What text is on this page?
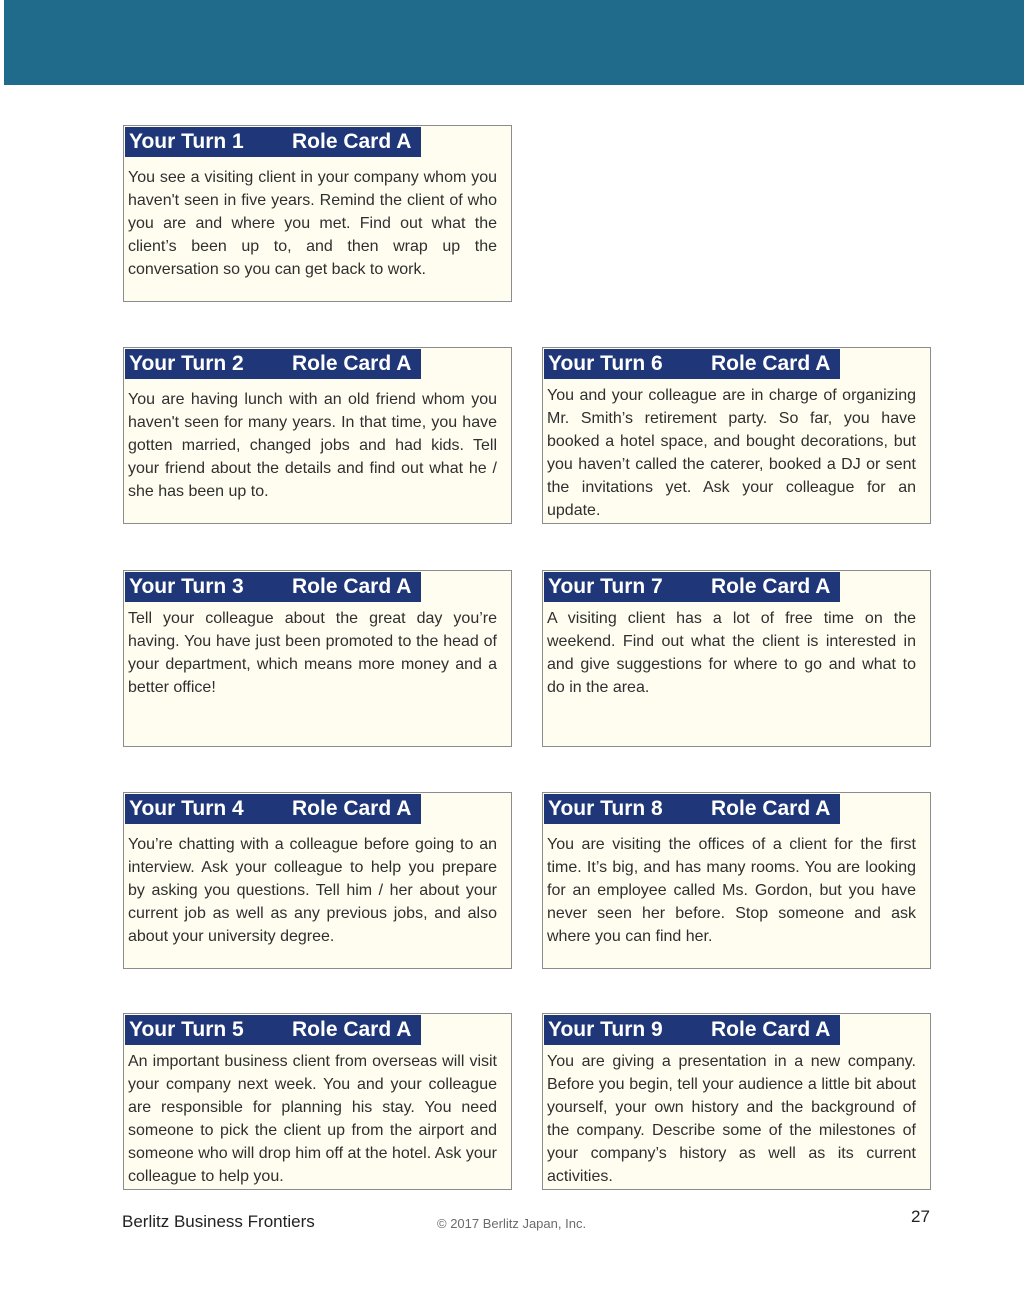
Your Turn 1 Role Card A
You see a visiting client in your company whom you haven't seen in five years. Remind the client of who you are and where you met. Find out what the client’s been up to, and then wrap up the conversation so you can get back to work.
Your Turn 2 Role Card A
You are having lunch with an old friend whom you haven't seen for many years. In that time, you have gotten married, changed jobs and had kids. Tell your friend about the details and find out what he / she has been up to.
Your Turn 3 Role Card A
Tell your colleague about the great day you’re having. You have just been promoted to the head of your department, which means more money and a better office!
Your Turn 4 Role Card A
You’re chatting with a colleague before going to an interview. Ask your colleague to help you prepare by asking you questions. Tell him / her about your current job as well as any previous jobs, and also about your university degree.
Your Turn 5 Role Card A
An important business client from overseas will visit your company next week. You and your colleague are responsible for planning his stay. You need someone to pick the client up from the airport and someone who will drop him off at the hotel. Ask your colleague to help you.
Your Turn 6 Role Card A
You and your colleague are in charge of organizing Mr. Smith’s retirement party. So far, you have booked a hotel space, and bought decorations, but you haven’t called the caterer, booked a DJ or sent the invitations yet. Ask your colleague for an update.
Your Turn 7 Role Card A
A visiting client has a lot of free time on the weekend. Find out what the client is interested in and give suggestions for where to go and what to do in the area.
Your Turn 8 Role Card A
You are visiting the offices of a client for the first time. It’s big, and has many rooms. You are looking for an employee called Ms. Gordon, but you have never seen her before. Stop someone and ask where you can find her.
Your Turn 9 Role Card A
You are giving a presentation in a new company. Before you begin, tell your audience a little bit about yourself, your own history and the background of the company. Describe some of the milestones of your company’s history as well as its current activities.
Berlitz Business Frontiers	© 2017 Berlitz Japan, Inc.	27
